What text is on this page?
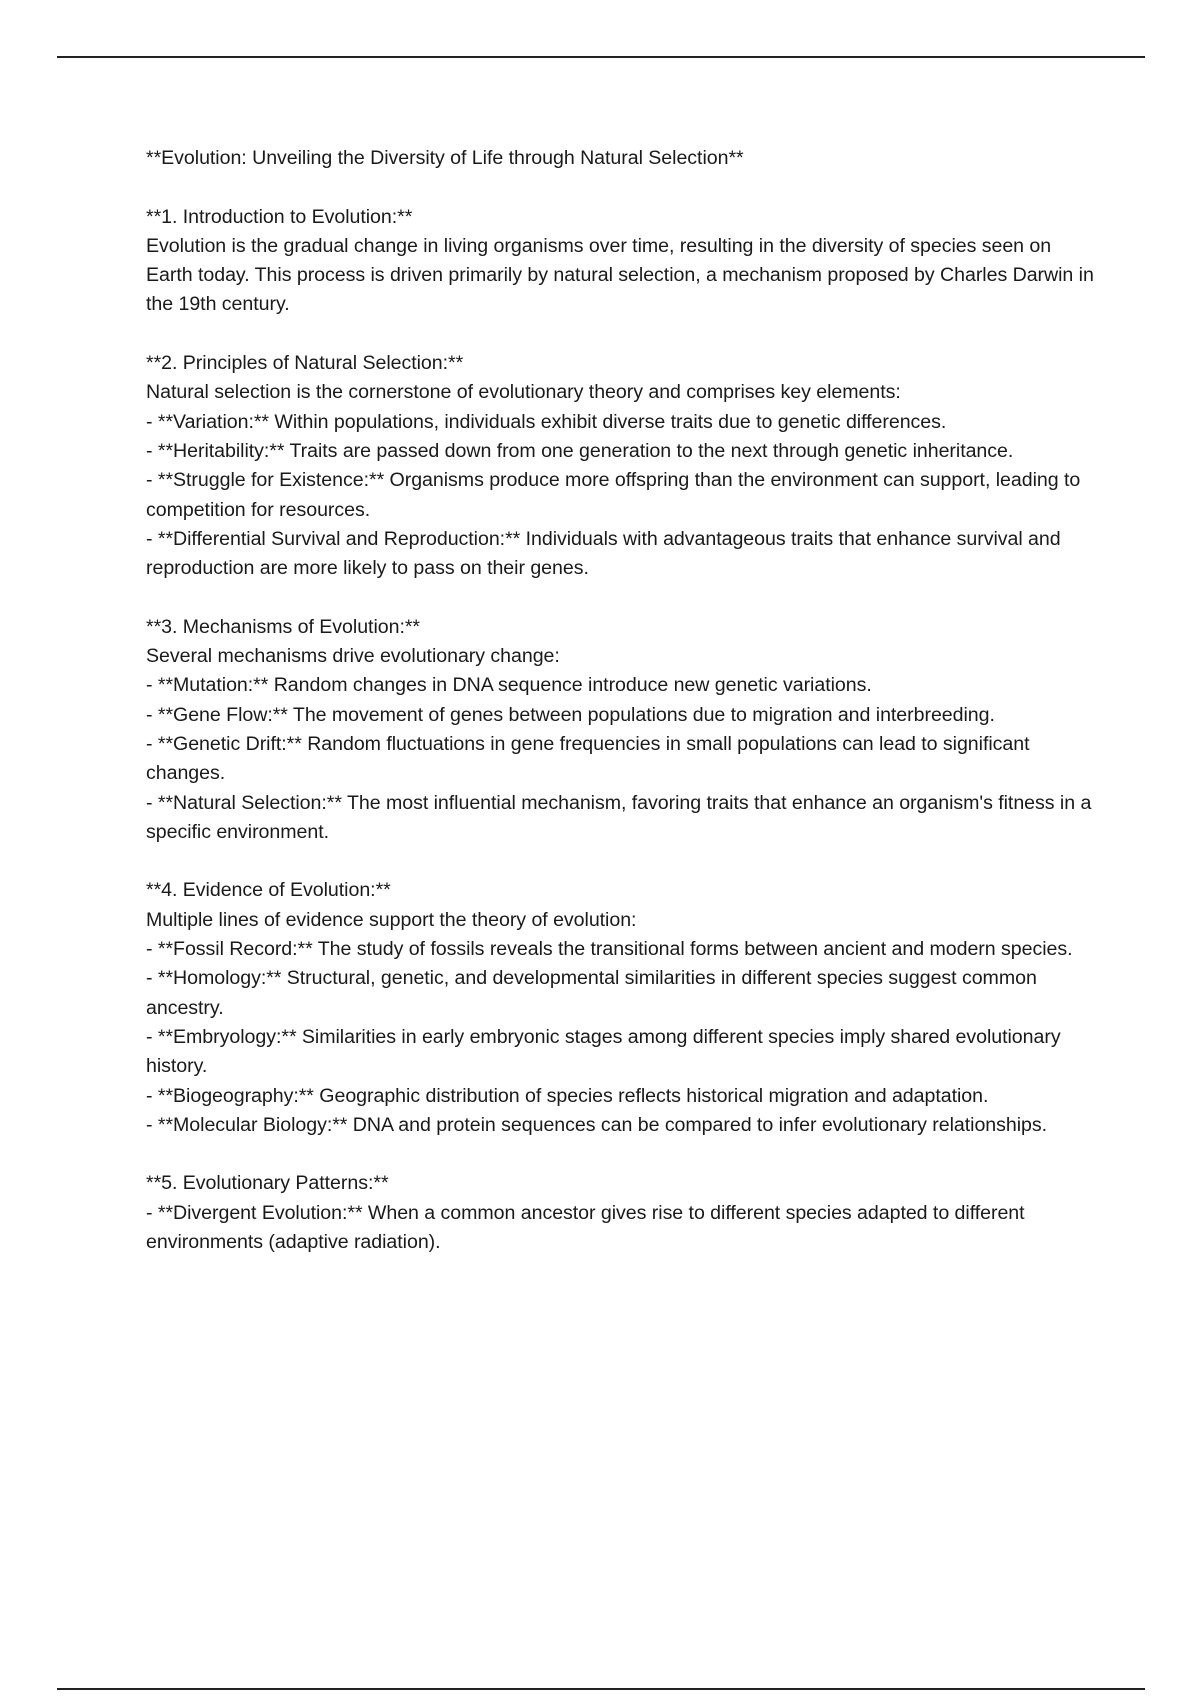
**Evolution: Unveiling the Diversity of Life through Natural Selection**

**1. Introduction to Evolution:**

Evolution is the gradual change in living organisms over time, resulting in the diversity of species seen on Earth today. This process is driven primarily by natural selection, a mechanism proposed by Charles Darwin in the 19th century.

**2. Principles of Natural Selection:**

Natural selection is the cornerstone of evolutionary theory and comprises key elements:

- **Variation:** Within populations, individuals exhibit diverse traits due to genetic differences.

- **Heritability:** Traits are passed down from one generation to the next through genetic inheritance.

- **Struggle for Existence:** Organisms produce more offspring than the environment can support, leading to competition for resources.

- **Differential Survival and Reproduction:** Individuals with advantageous traits that enhance survival and reproduction are more likely to pass on their genes.

**3. Mechanisms of Evolution:**

Several mechanisms drive evolutionary change:

- **Mutation:** Random changes in DNA sequence introduce new genetic variations.

- **Gene Flow:** The movement of genes between populations due to migration and interbreeding.

- **Genetic Drift:** Random fluctuations in gene frequencies in small populations can lead to significant changes.

- **Natural Selection:** The most influential mechanism, favoring traits that enhance an organism's fitness in a specific environment.

**4. Evidence of Evolution:**

Multiple lines of evidence support the theory of evolution:

- **Fossil Record:** The study of fossils reveals the transitional forms between ancient and modern species.

- **Homology:** Structural, genetic, and developmental similarities in different species suggest common ancestry.

- **Embryology:** Similarities in early embryonic stages among different species imply shared evolutionary history.

- **Biogeography:** Geographic distribution of species reflects historical migration and adaptation.

- **Molecular Biology:** DNA and protein sequences can be compared to infer evolutionary relationships.

**5. Evolutionary Patterns:**

- **Divergent Evolution:** When a common ancestor gives rise to different species adapted to different environments (adaptive radiation).
